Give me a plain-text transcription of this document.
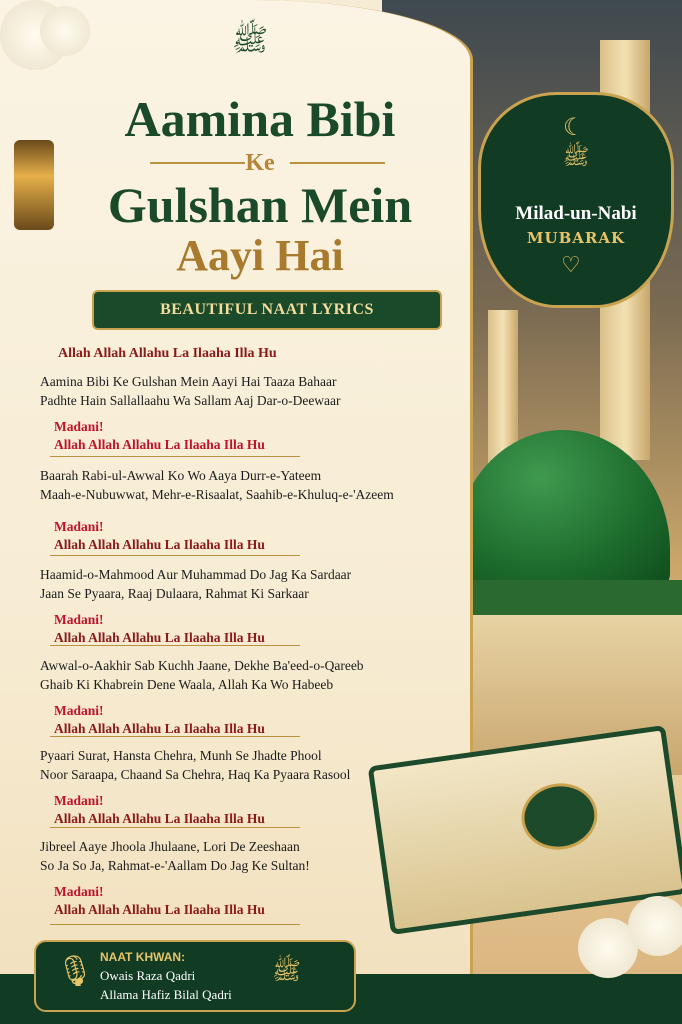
ﷺ
Aamina Bibi
Ke
Gulshan Mein
Aayi Hai
BEAUTIFUL NAAT LYRICS
☾
ﷺ
Milad-un-Nabi
MUBARAK
♡
Allah Allah Allahu La Ilaaha Illa Hu
Aamina Bibi Ke Gulshan Mein Aayi Hai Taaza Bahaar
Padhte Hain Sallallaahu Wa Sallam Aaj Dar-o-Deewaar
Madani!
Allah Allah Allahu La Ilaaha Illa Hu
Baarah Rabi-ul-Awwal Ko Wo Aaya Durr-e-Yateem
Maah-e-Nubuwwat, Mehr-e-Risaalat, Saahib-e-Khuluq-e-'Azeem
Madani!
Allah Allah Allahu La Ilaaha Illa Hu
Haamid-o-Mahmood Aur Muhammad Do Jag Ka Sardaar
Jaan Se Pyaara, Raaj Dulaara, Rahmat Ki Sarkaar
Madani!
Allah Allah Allahu La Ilaaha Illa Hu
Awwal-o-Aakhir Sab Kuchh Jaane, Dekhe Ba'eed-o-Qareeb
Ghaib Ki Khabrein Dene Waala, Allah Ka Wo Habeeb
Madani!
Allah Allah Allahu La Ilaaha Illa Hu
Pyaari Surat, Hansta Chehra, Munh Se Jhadte Phool
Noor Saraapa, Chaand Sa Chehra, Haq Ka Pyaara Rasool
Madani!
Allah Allah Allahu La Ilaaha Illa Hu
Jibreel Aaye Jhoola Jhulaane, Lori De Zeeshaan
So Ja So Ja, Rahmat-e-'Aallam Do Jag Ke Sultan!
Madani!
Allah Allah Allahu La Ilaaha Illa Hu
🎙 NAAT KHWAN:
Owais Raza Qadri
Allama Hafiz Bilal Qadri
ﷺ
